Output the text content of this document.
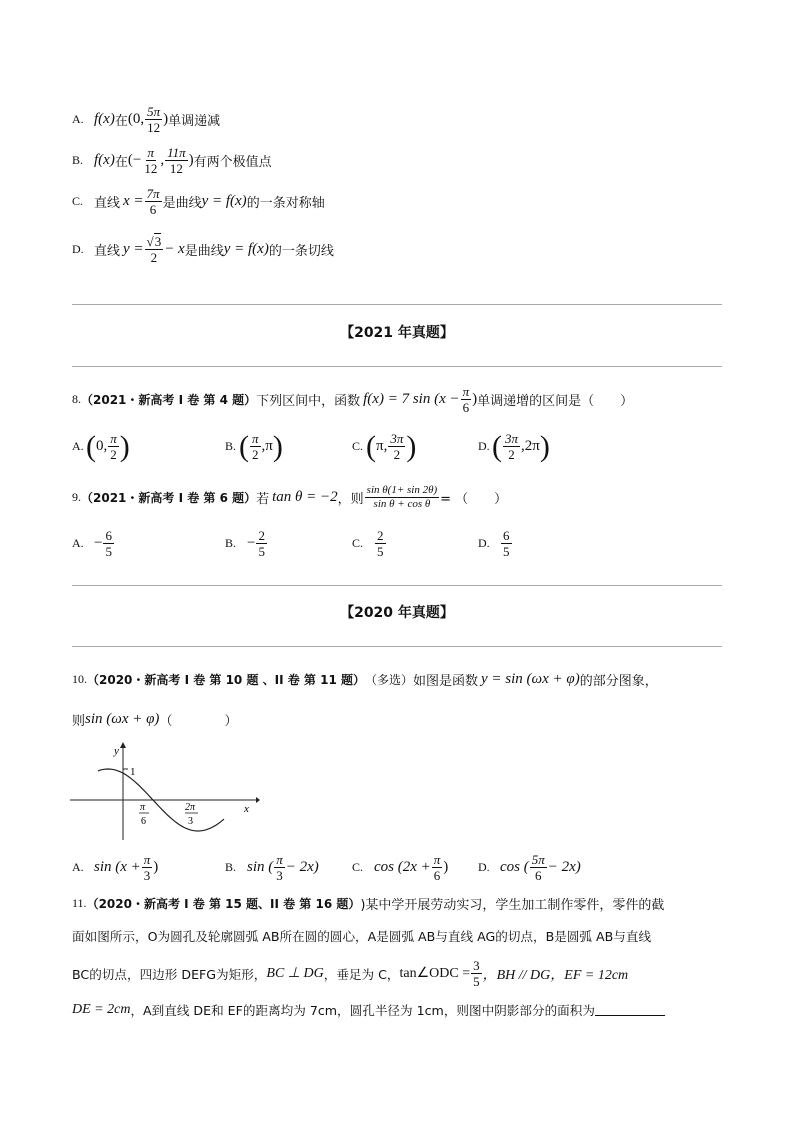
A. f(x) 在 (0, $\frac{5\pi}{12}$ ) 单调递减
B. f(x) 在 (− $\frac{\pi}{12}$ , $\frac{11\pi}{12}$ ) 有两个极值点
C. 直线 $x = \frac{7\pi}{6}$ 是曲线 y = f(x) 的一条对称轴
D. 直线 $y = \frac{√3}{2} - x$ 是曲线 y = f(x) 的一条切线
【2021 年真题】
8. （2021・新高考 I 卷 第 4 题） 下列区间中，函数 f(x) = 7 $\sin (x - \frac{\pi}{6}$ ) 单调递增的区间是（　　）
A. ( 0, $\frac{\pi}{2}$ )	B. ( $\frac{\pi}{2} ,\pi$ )	C. ( π, $\frac{3\pi}{2}$ )	D. ( $\frac{3\pi}{2} ,2\pi$ )
9. （2021・新高考 I 卷 第 6 题） 若 tan θ = −2 ，则 $\frac{\text{sin θ(1+ sin 2θ)}}{\text{sin θ + cos θ}}$ = （　　）
A. − $\frac{6}{5}$	B. − $\frac{2}{5}$	C. $\frac{2}{5}$	D. $\frac{6}{5}$
【2020 年真题】
10. （2020・新高考 I 卷 第 10 题 、II 卷 第 11 题） （多选） 如图是函数 y = sin (ωx + φ) 的部分图象，
则 sin (ωx + φ) （　　　　）
y
x
1
π
6
2π
3
A. $\sin (x + \frac{\pi}{3}$ )	B. sin ( $\frac{\pi}{3} - 2x$)	C. $\cos (2x + \frac{\pi}{6}$ ) D. cos ( $\frac{5\pi}{6} - 2x$)
11. （2020・新高考 I 卷 第 15 题、II 卷 第 16 题） )某中学开展劳动实习，学生加工制作零件，零件的截
面如图所示，O为圆孔及轮廓圆弧 AB所在圆的圆心，A是圆弧 AB与直线 AG的切点，B是圆弧 AB与直线
BC的切点，四边形 DEFG为矩形， BC ⊥ DG ，垂足为 C， tan∠ODC = $\frac{3}{5}$ ，BH // DG ，EF = 12cm
DE = 2cm ，A到直线 DE和 EF的距离均为 7cm，圆孔半径为 1cm，则图中阴影部分的面积为
